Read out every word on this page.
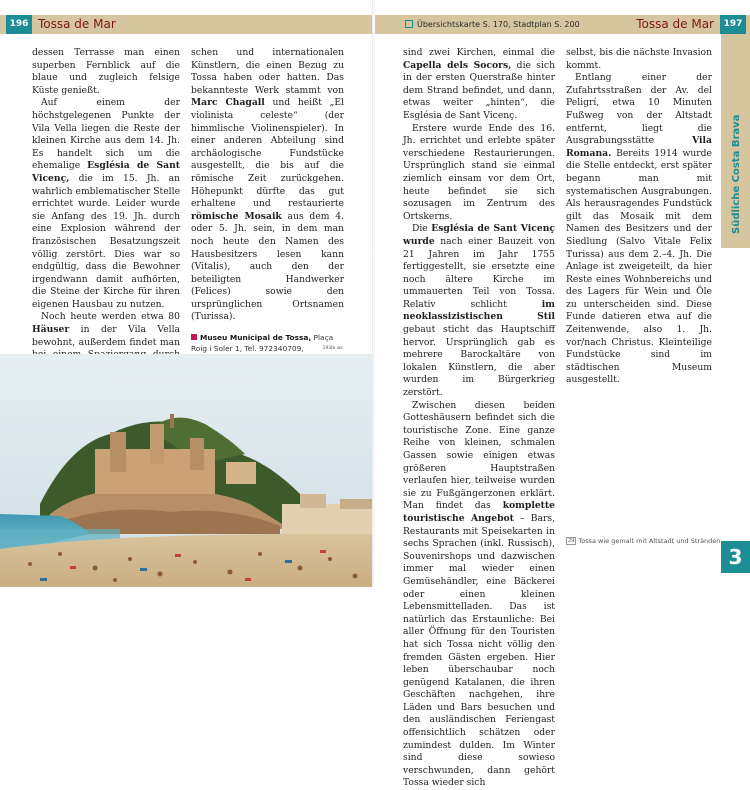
196 Tossa de Mar

dessen Terrasse man einen superben Fernblick auf die blaue und zugleich felsige Küste genießt.

Auf einem der höchstgelegenen Punkte der Vila Vella liegen die Reste der kleinen Kirche aus dem 14. Jh. Es handelt sich um die ehemalige Església de Sant Vicenç, die im 15. Jh. an wahrlich emblematischer Stelle errichtet wurde. Leider wurde sie Anfang des 19. Jh. durch eine Explosion während der französischen Besatzungszeit völlig zerstört. Dies war so endgültig, dass die Bewohner irgendwann damit aufhörten, die Steine der Kirche für ihren eigenen Hausbau zu nutzen.

Noch heute werden etwa 80 Häuser in der Vila Vella bewohnt, außerdem findet man

schen und internationalen Künstlern, die einen Bezug zu Tossa haben oder hatten. Das bekannteste Werk stammt von Marc Chagall und heißt „El violinista celeste“ (der himmlische Violinenspieler). In einer anderen Abteilung sind archäologische Fundstücke ausgestellt, die bis auf die römische Zeit zurückgehen. Höhepunkt dürfte das gut erhaltene und restaurierte römische Mosaik aus dem 4. oder 5. Jh. sein, in dem man noch heute den Namen des Hausbesitzers lesen kann (Vitalis), auch den der beteiligten Handwerker (Felices) sowie den ursprünglichen Ortsnamen (Turissa).

Museu Municipal de Tossa, Plaça Roig i Soler 1, Tel. 972340709,	193tk ws
Übersichtskarte S. 170, Stadtplan S. 200	Tossa de Mar	197

sind zwei Kirchen, einmal die Capella dels Socors, die sich in der ersten Querstraße hinter dem Strand befindet, und dann, etwas weiter „hinten“, die Església de Sant Vicenç.

Erstere wurde Ende des 16. Jh. errichtet und erlebte später verschiedene Restaurierungen. Ursprünglich stand sie einmal ziemlich einsam vor dem Ort, heute befindet sie sich sozusagen im Zentrum des Ortskerns.

Die Església de Sant Vicenç wurde nach einer Bauzeit von 21 Jahren im Jahr 1755 fertiggestellt, sie ersetzte eine noch ältere Kirche im ummauerten Teil von Tossa. Relativ schlicht im neoklassizistischen Stil gebaut sticht das Hauptschiff hervor. Ursprünglich gab es mehrere Barockaltäre von lokalen Künstlern, die aber wurden im Bürgerkrieg zerstört.

Zwischen diesen beiden Gotteshäusern befindet sich die touristische Zone. Eine ganze Reihe von kleinen, schmalen Gassen sowie einigen etwas größeren Hauptstraßen verlaufen hier, teilweise wurden sie zu Fußgängerzonen erklärt. Man findet das komplette touristische Angebot – Bars, Restaurants mit Speisekarten in sechs Sprachen (inkl. Russisch), Souvenirshops und dazwischen immer mal wieder einen Gemüsehändler, eine Bäckerei oder einen kleinen Lebensmittelladen. Das ist natürlich das Erstaunliche: Bei aller Öffnung für den Touristen hat sich Tossa nicht völlig den fremden Gästen ergeben. Hier leben überschaubar noch genügend Katalanen, die ihren Geschäften nachgehen, ihre Läden und Bars besuchen und den ausländischen Feriengast offensichtlich schätzen oder zumindest dulden. Im Winter sind diese sowieso verschwunden, dann gehört Tossa wieder sich

selbst, bis die nächste Invasion kommt.

Entlang einer der Zufahrtsstraßen der Av. del Peligrí, etwa 10 Minuten Fußweg von der Altstadt entfernt, liegt die Ausgrabungsstätte Vila Romana. Bereits 1914 wurde die Stelle entdeckt, erst später begann man mit systematischen Ausgrabungen. Als herausragendes Fundstück gilt das Mosaik mit dem Namen des Besitzers und der Siedlung (Salvo Vitale Felix Turissa) aus dem 2.–4. Jh. Die Anlage ist zweigeteilt, da hier Reste eines Wohnbereichs und des Lagers für Wein und Öle zu unterscheiden sind. Diese Funde datieren etwa auf die Zeitenwende, also 1. Jh. vor/nach Christus. Kleinteilige Fundstücke sind im städtischen Museum ausgestellt.

29 Tossa wie gemalt mit Altstadt und Stränden
Südliche Costa Brava
3
